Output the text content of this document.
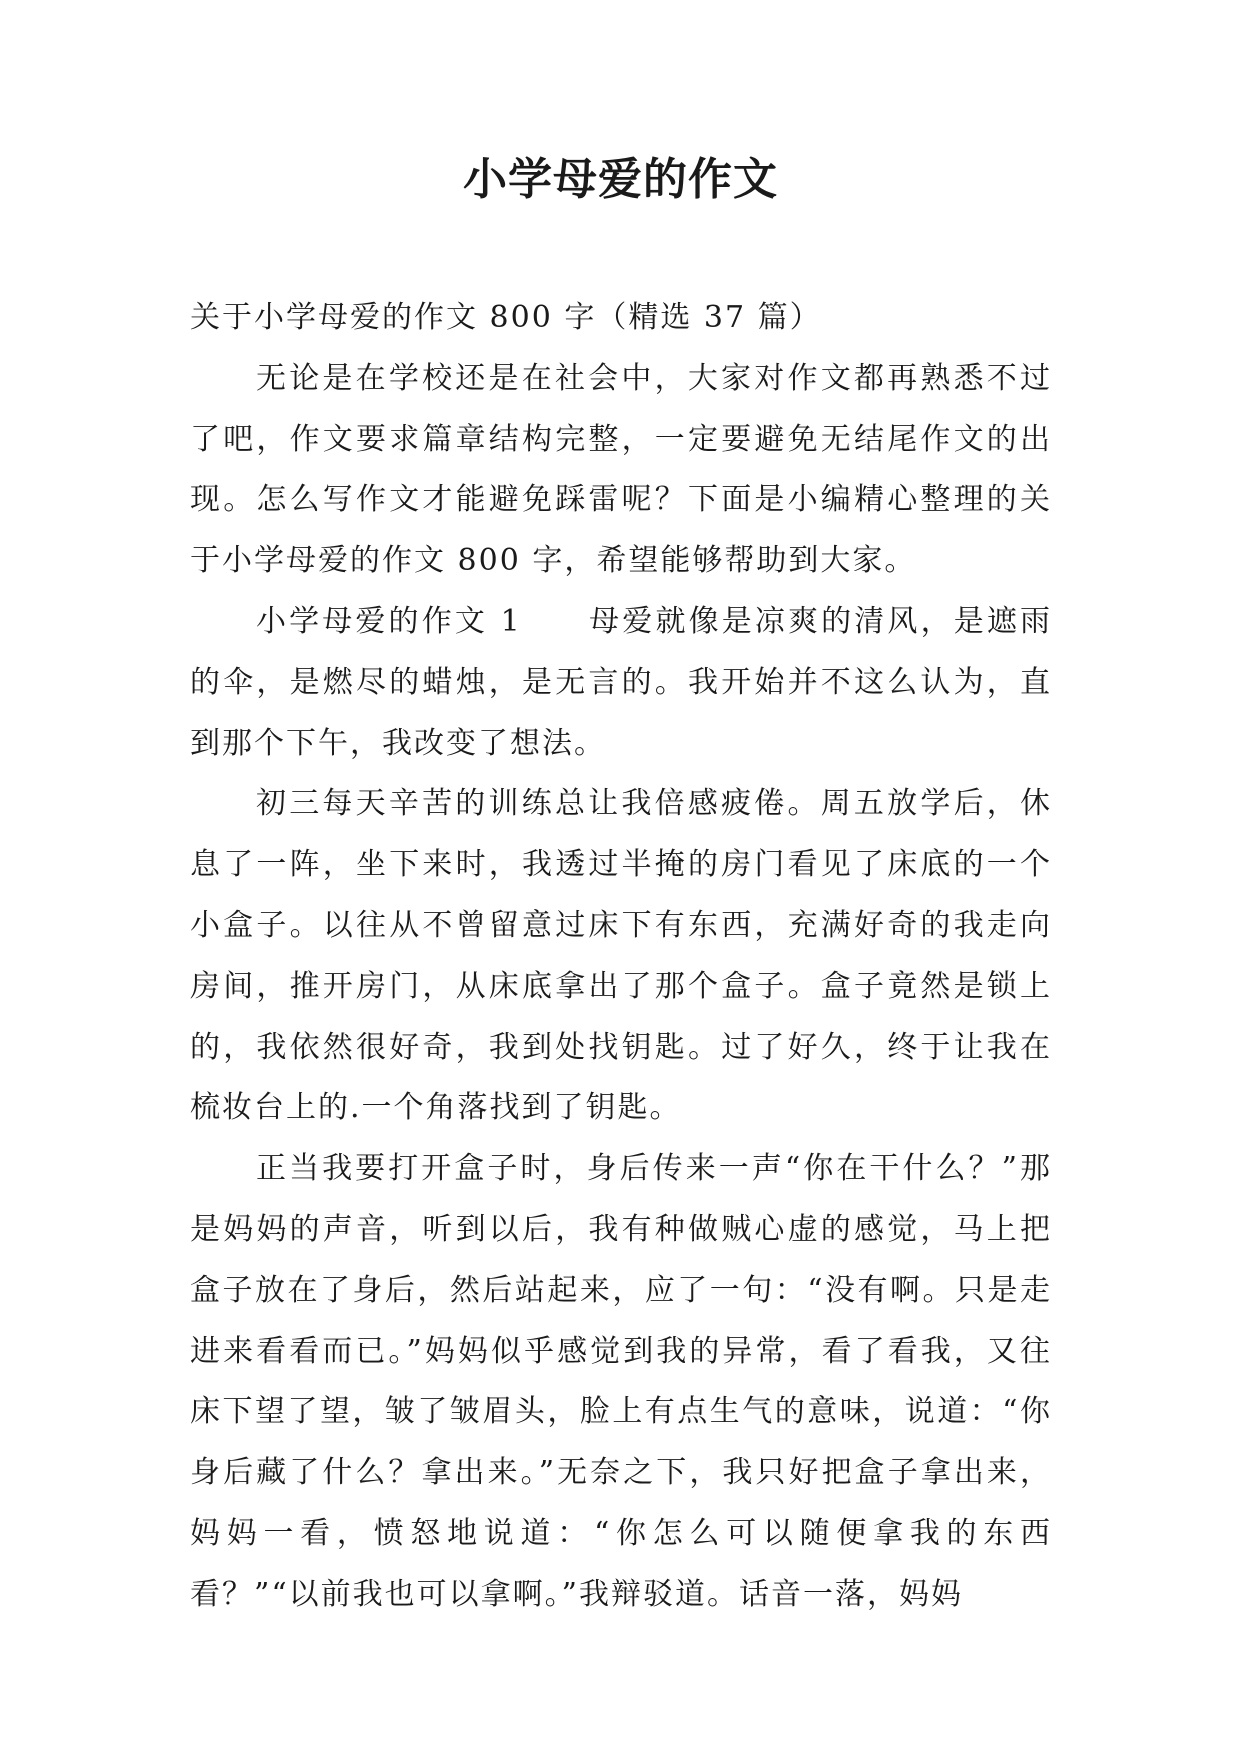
小学母爱的作文

关于小学母爱的作文 800 字（精选 37 篇）

无论是在学校还是在社会中，大家对作文都再熟悉不过了吧，作文要求篇章结构完整，一定要避免无结尾作文的出现。怎么写作文才能避免踩雷呢？下面是小编精心整理的关于小学母爱的作文 800 字，希望能够帮助到大家。

小学母爱的作文 1　　母爱就像是凉爽的清风，是遮雨的伞，是燃尽的蜡烛，是无言的。我开始并不这么认为，直到那个下午，我改变了想法。

初三每天辛苦的训练总让我倍感疲倦。周五放学后，休息了一阵，坐下来时，我透过半掩的房门看见了床底的一个小盒子。以往从不曾留意过床下有东西，充满好奇的我走向房间，推开房门，从床底拿出了那个盒子。盒子竟然是锁上的，我依然很好奇，我到处找钥匙。过了好久，终于让我在梳妆台上的.一个角落找到了钥匙。

正当我要打开盒子时，身后传来一声“你在干什么？”那是妈妈的声音，听到以后，我有种做贼心虚的感觉，马上把盒子放在了身后，然后站起来，应了一句：“没有啊。只是走进来看看而已。”妈妈似乎感觉到我的异常，看了看我，又往床下望了望，皱了皱眉头，脸上有点生气的意味，说道：“你身后藏了什么？拿出来。”无奈之下，我只好把盒子拿出来，妈妈一看，愤怒地说道：“你怎么可以随便拿我的东西看？”“以前我也可以拿啊。”我辩驳道。话音一落，妈妈
